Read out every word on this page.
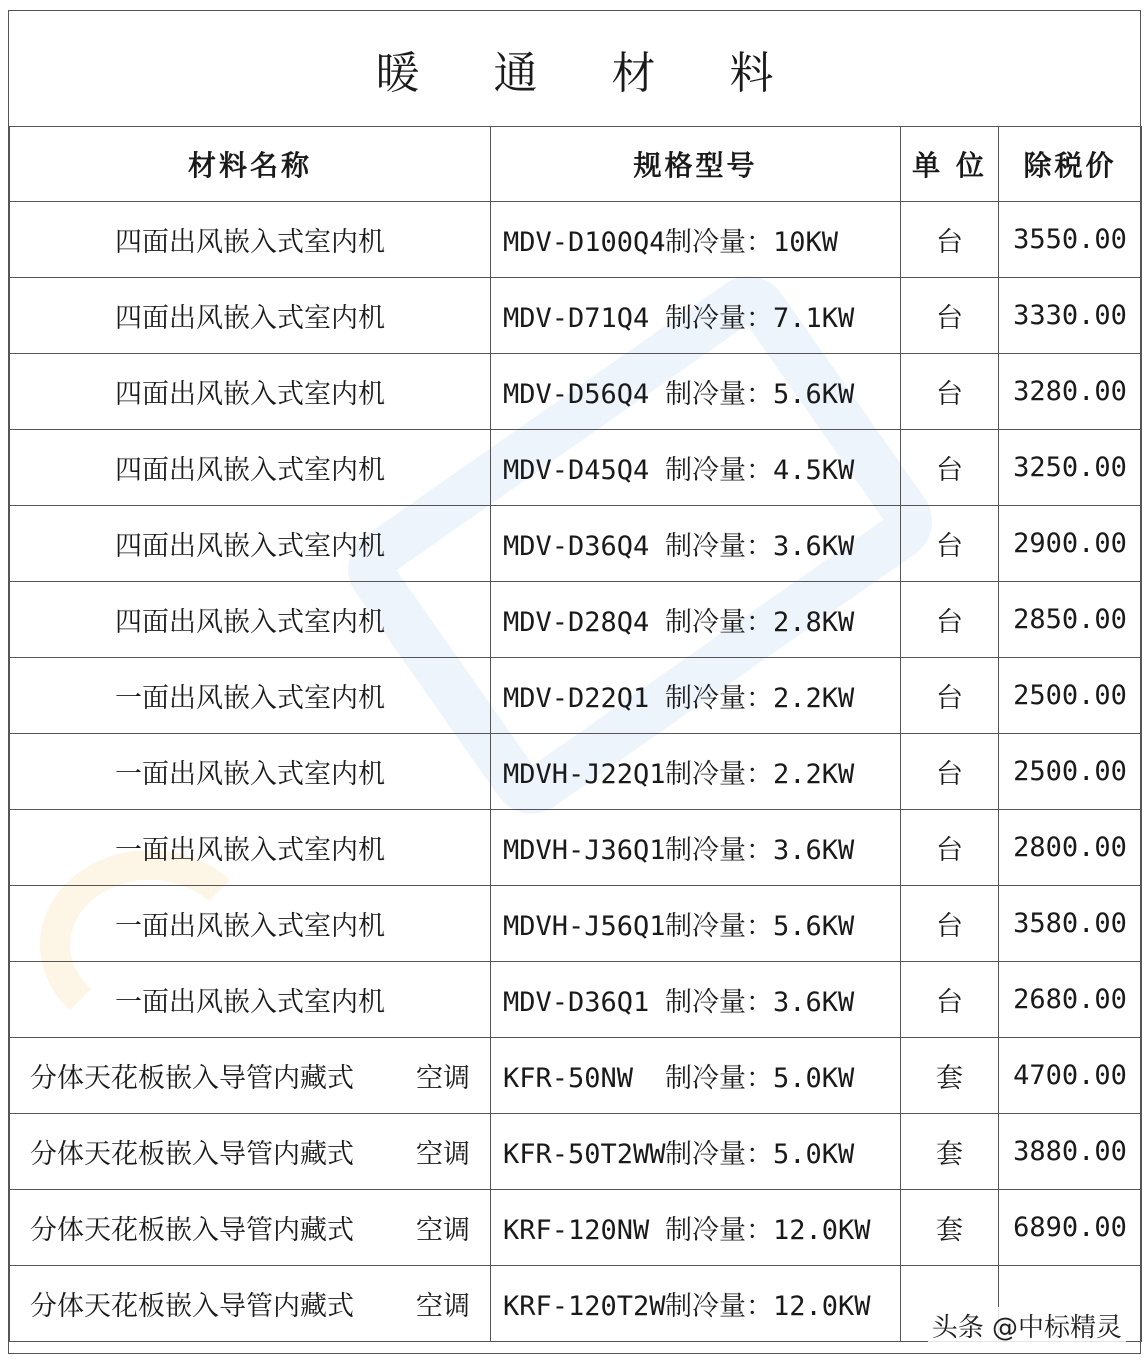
暖 通 材 料
材料名称	规格型号	单 位	除税价
四面出风嵌入式室内机	MDV-D100Q4制冷量：10KW	台	3550.00
四面出风嵌入式室内机	MDV-D71Q4 制冷量：7.1KW	台	3330.00
四面出风嵌入式室内机	MDV-D56Q4 制冷量：5.6KW	台	3280.00
四面出风嵌入式室内机	MDV-D45Q4 制冷量：4.5KW	台	3250.00
四面出风嵌入式室内机	MDV-D36Q4 制冷量：3.6KW	台	2900.00
四面出风嵌入式室内机	MDV-D28Q4 制冷量：2.8KW	台	2850.00
一面出风嵌入式室内机	MDV-D22Q1 制冷量：2.2KW	台	2500.00
一面出风嵌入式室内机	MDVH-J22Q1制冷量：2.2KW	台	2500.00
一面出风嵌入式室内机	MDVH-J36Q1制冷量：3.6KW	台	2800.00
一面出风嵌入式室内机	MDVH-J56Q1制冷量：5.6KW	台	3580.00
一面出风嵌入式室内机	MDV-D36Q1 制冷量：3.6KW	台	2680.00

分体天花板嵌入导管内藏式 空调	KFR-50NW 制冷量：5.0KW	套	4700.00

分体天花板嵌入导管内藏式 空调	KFR-50T2WW制冷量：5.0KW	套	3880.00

分体天花板嵌入导管内藏式 空调	KRF-120NW 制冷量：12.0KW	套	6890.00

分体天花板嵌入导管内藏式 空调	KRF-120T2W制冷量：12.0KW		
头条 @中标精灵
